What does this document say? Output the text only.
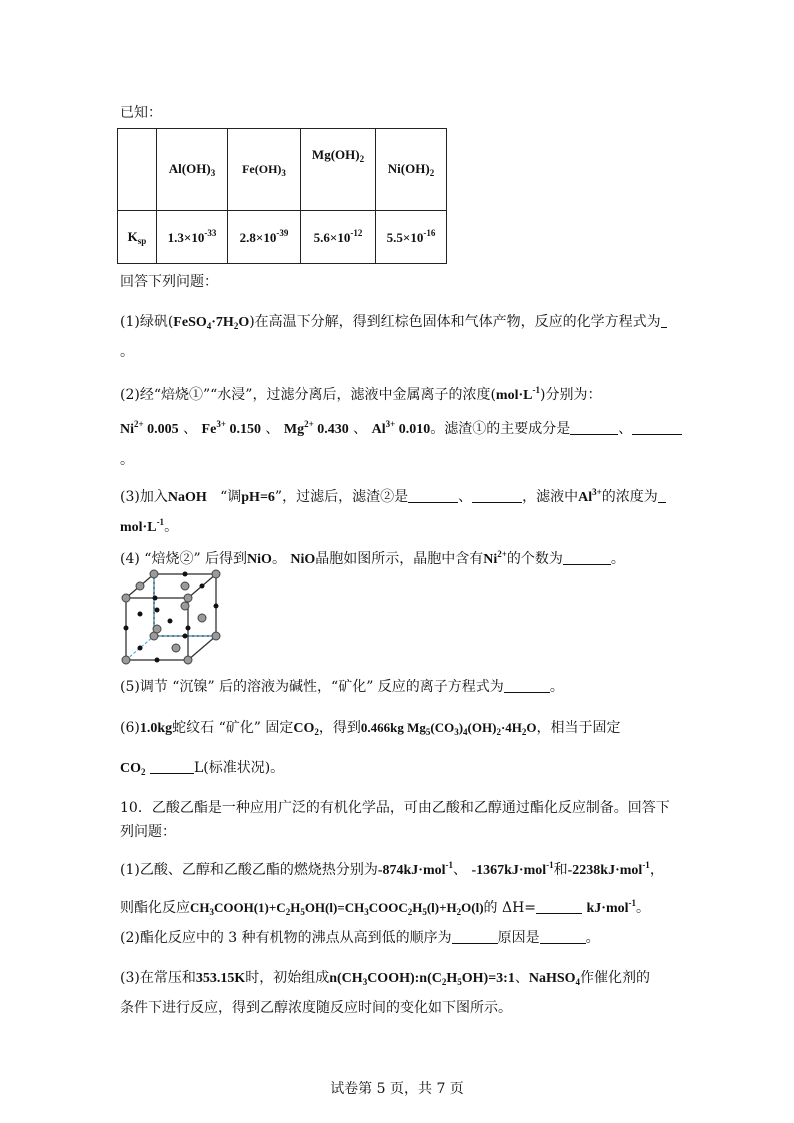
已知：
	$Al(OH)_3$	$Fe(OH)_3$	$Mg(OH)_2$	$Ni(OH)_2$
$K_{sp}$	$1.3\times 10^{-33}$	$2.8\times 10^{-39}$	$5.6\times 10^{-12}$	$5.5\times 10^{-16}$
回答下列问题：
(1)绿矾$(FeSO_4\cdot 7H_2O)$在高温下分解，得到红棕色固体和气体产物，反应的化学方程式为
。
(2)经“焙烧①”“水浸”，过滤分离后，滤液中金属离子的浓度$(mol\cdot L^{-1})$分别为：
$Ni^{2+}$ 0.005 、 $Fe^{3+}$ 0.150 、 $Mg^{2+}$ 0.430 、 $Al^{3+}$ 0.010。滤渣①的主要成分是	、
。
(3)加入NaOH “调pH=6”，过滤后，滤渣②是	、	，滤液中$Al^{3+}$的浓度为
$mol\cdot L^{-1}$。
(4) “焙烧②” 后得到NiO。 NiO晶胞如图所示，晶胞中含有$Ni^{2+}$的个数为	。
(5)调节 “沉镍” 后的溶液为碱性，“矿化” 反应的离子方程式为	。
(6)1.0kg蛇纹石 “矿化” 固定$CO_2$，得到0.466kg $Mg_5(CO_3)_4(OH)_2\cdot 4H_2O$，相当于固定
$CO_2$	L(标准状况)。
10．乙酸乙酯是一种应用广泛的有机化学品，可由乙酸和乙醇通过酯化反应制备。回答下
列问题：
(1)乙酸、乙醇和乙酸乙酯的燃烧热分别为-874kJ·mol$^{-1}$、 -1367kJ·mol$^{-1}$和-2238kJ·mol$^{-1}$，
则酯化反应$CH_3COOH(1)+C_2H_5OH(l)=CH_3COOC_2H_5(l)+H_2O(l)$的 ΔH=	kJ·mol$^{-1}$。
(2)酯化反应中的 3 种有机物的沸点从高到低的顺序为	原因是	。
(3)在常压和353.15K时，初始组成$n(CH_3COOH):n(C_2H_5OH)=3:1$、NaHSO$_4$作催化剂的
条件下进行反应，得到乙醇浓度随反应时间的变化如下图所示。
试卷第 5 页，共 7 页
